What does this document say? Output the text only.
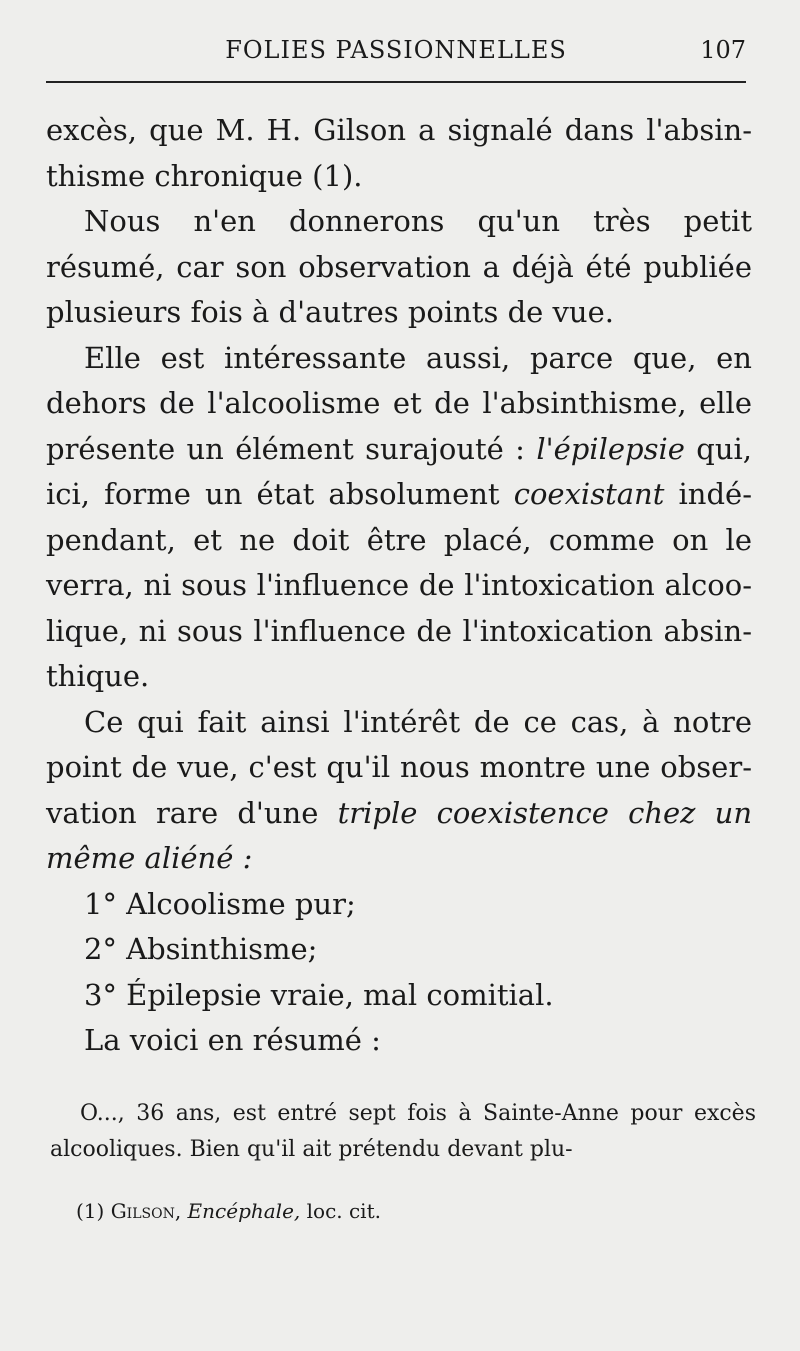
FOLIES PASSIONNELLES	107

excès, que M. H. Gilson a signalé dans l'absin-thisme chronique (1).

Nous n'en donnerons qu'un très petit résumé, car son observation a déjà été publiée plusieurs fois à d'autres points de vue.

Elle est intéressante aussi, parce que, en dehors de l'alcoolisme et de l'absinthisme, elle présente un élément surajouté : l'épilepsie qui, ici, forme un état absolument coexistant indé-pendant, et ne doit être placé, comme on le verra, ni sous l'influence de l'intoxication alcoo-lique, ni sous l'influence de l'intoxication absin-thique.

Ce qui fait ainsi l'intérêt de ce cas, à notre point de vue, c'est qu'il nous montre une obser-vation rare d'une triple coexistence chez un même aliéné :

1° Alcoolisme pur;

2° Absinthisme;

3° Épilepsie vraie, mal comitial.

La voici en résumé :

O..., 36 ans, est entré sept fois à Sainte-Anne pour excès alcooliques. Bien qu'il ait prétendu devant plu-

(1) Gilson, Encéphale, loc. cit.
